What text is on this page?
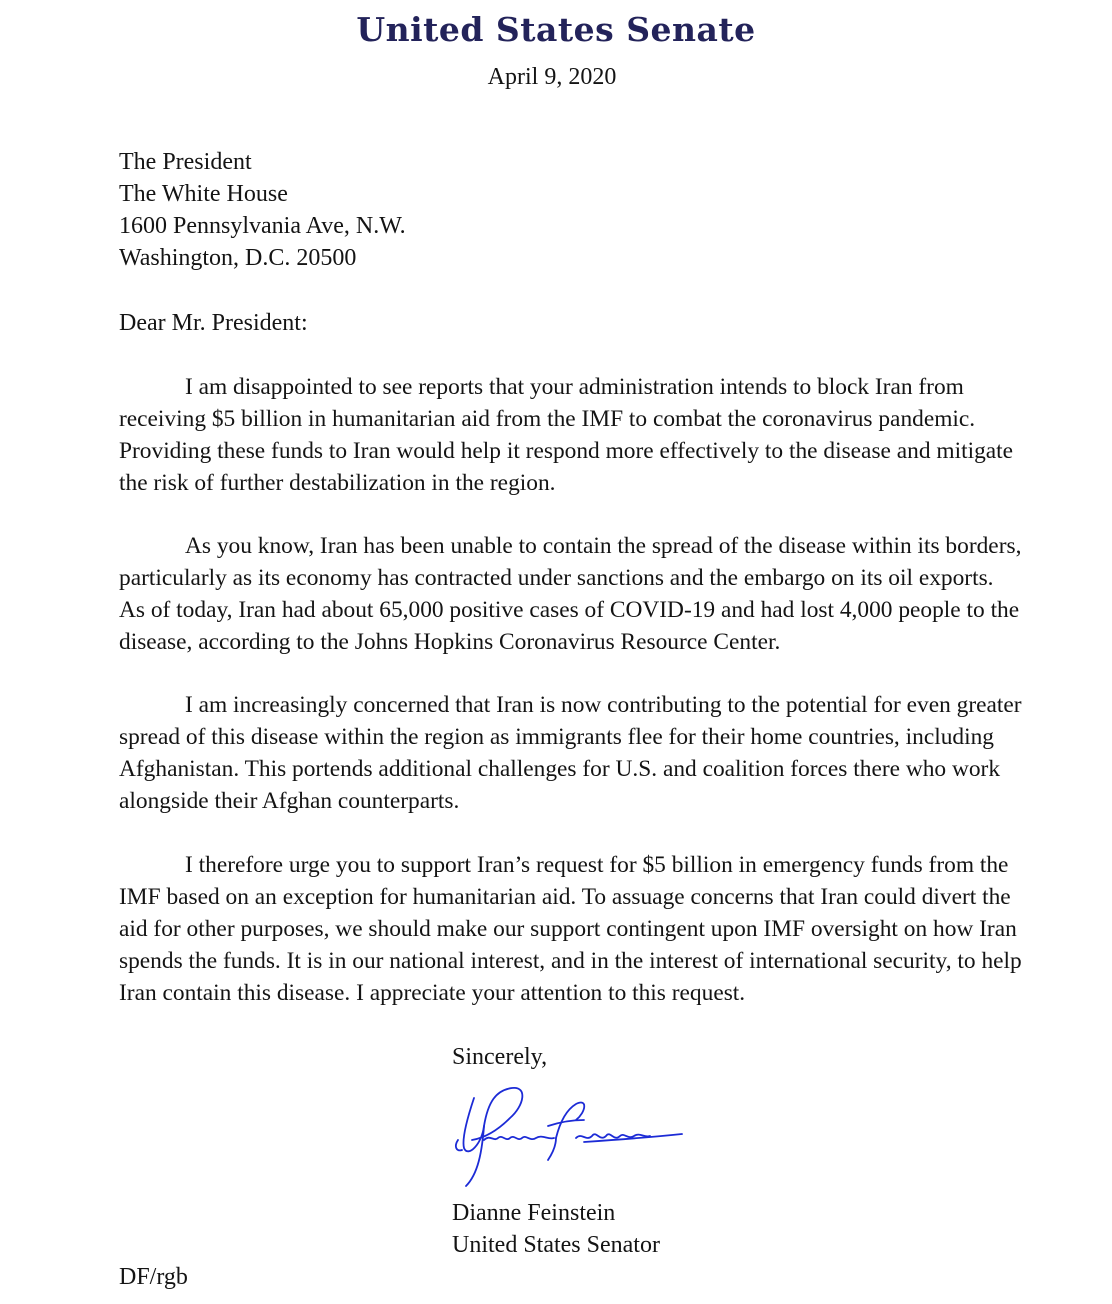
United States Senate
April 9, 2020
The President
The White House
1600 Pennsylvania Ave, N.W.
Washington, D.C. 20500
Dear Mr. President:

I am disappointed to see reports that your administration intends to block Iran from receiving $5 billion in humanitarian aid from the IMF to combat the coronavirus pandemic. Providing these funds to Iran would help it respond more effectively to the disease and mitigate the risk of further destabilization in the region.

As you know, Iran has been unable to contain the spread of the disease within its borders, particularly as its economy has contracted under sanctions and the embargo on its oil exports. As of today, Iran had about 65,000 positive cases of COVID-19 and had lost 4,000 people to the disease, according to the Johns Hopkins Coronavirus Resource Center.

I am increasingly concerned that Iran is now contributing to the potential for even greater spread of this disease within the region as immigrants flee for their home countries, including Afghanistan. This portends additional challenges for U.S. and coalition forces there who work alongside their Afghan counterparts.

I therefore urge you to support Iran’s request for $5 billion in emergency funds from the IMF based on an exception for humanitarian aid. To assuage concerns that Iran could divert the aid for other purposes, we should make our support contingent upon IMF oversight on how Iran spends the funds. It is in our national interest, and in the interest of international security, to help Iran contain this disease. I appreciate your attention to this request.

Sincerely,
Dianne Feinstein
United States Senator
DF/rgb
